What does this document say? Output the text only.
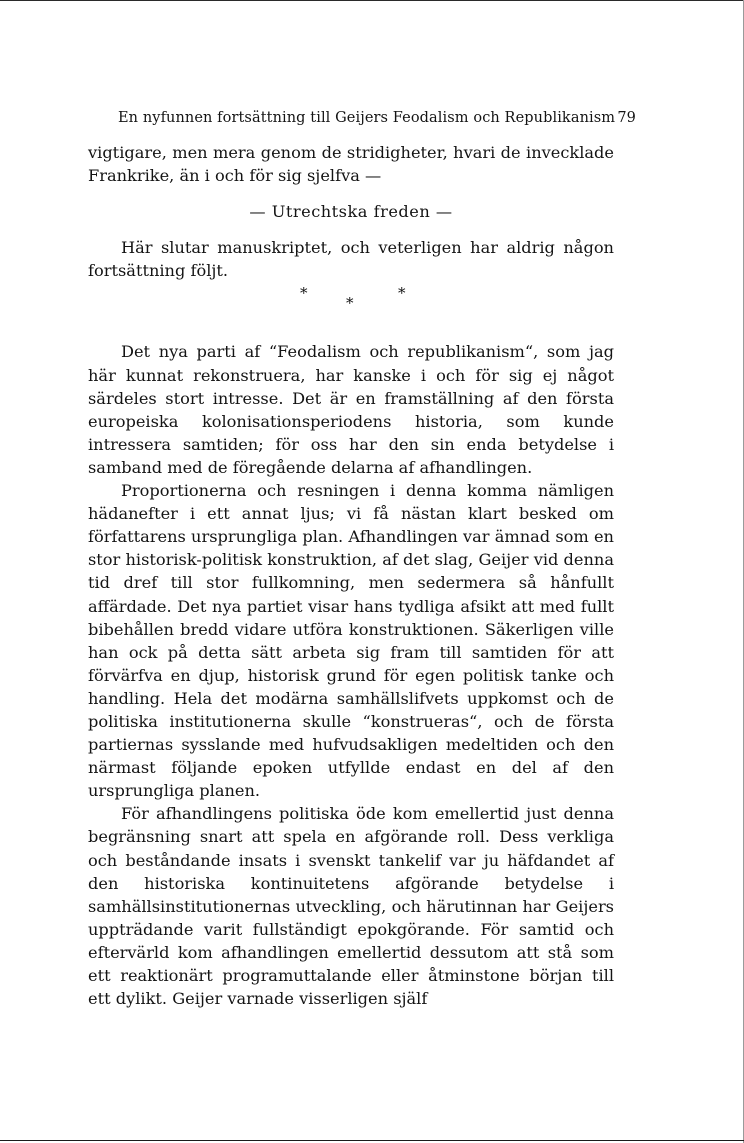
En nyfunnen fortsättning till Geijers Feodalism och Republikanism 79

vigtigare, men mera genom de stridigheter, hvari de invecklade Frankrike, än i och för sig sjelfva —

— Utrechtska freden —

Här slutar manuskriptet, och veterligen har aldrig någon fortsättning följt.

*	*
*

Det nya parti af “Feodalism och republikanism“, som jag här kunnat rekonstruera, har kanske i och för sig ej något särdeles stort intresse. Det är en framställning af den första europeiska kolonisationsperiodens historia, som kunde intressera samtiden; för oss har den sin enda betydelse i samband med de föregående delarna af afhandlingen.

Proportionerna och resningen i denna komma nämligen hädanefter i ett annat ljus; vi få nästan klart besked om författarens ursprungliga plan. Afhandlingen var ämnad som en stor historisk-politisk konstruktion, af det slag, Geijer vid denna tid dref till stor fullkomning, men sedermera så hånfullt affärdade. Det nya partiet visar hans tydliga afsikt att med fullt bibehållen bredd vidare utföra konstruktionen. Säkerligen ville han ock på detta sätt arbeta sig fram till samtiden för att förvärfva en djup, historisk grund för egen politisk tanke och handling. Hela det modärna samhällslifvets uppkomst och de politiska institutionerna skulle “konstrueras“, och de första partiernas sysslande med hufvudsakligen medeltiden och den närmast följande epoken utfyllde endast en del af den ursprungliga planen.

För afhandlingens politiska öde kom emellertid just denna begränsning snart att spela en afgörande roll. Dess verkliga och beståndande insats i svenskt tankelif var ju häfdandet af den historiska kontinuitetens afgörande betydelse i samhällsinstitutionernas utveckling, och härutinnan har Geijers uppträdande varit fullständigt epokgörande. För samtid och eftervärld kom afhandlingen emellertid dessutom att stå som ett reaktionärt programuttalande eller åtminstone början till ett dylikt. Geijer varnade visserligen själf
